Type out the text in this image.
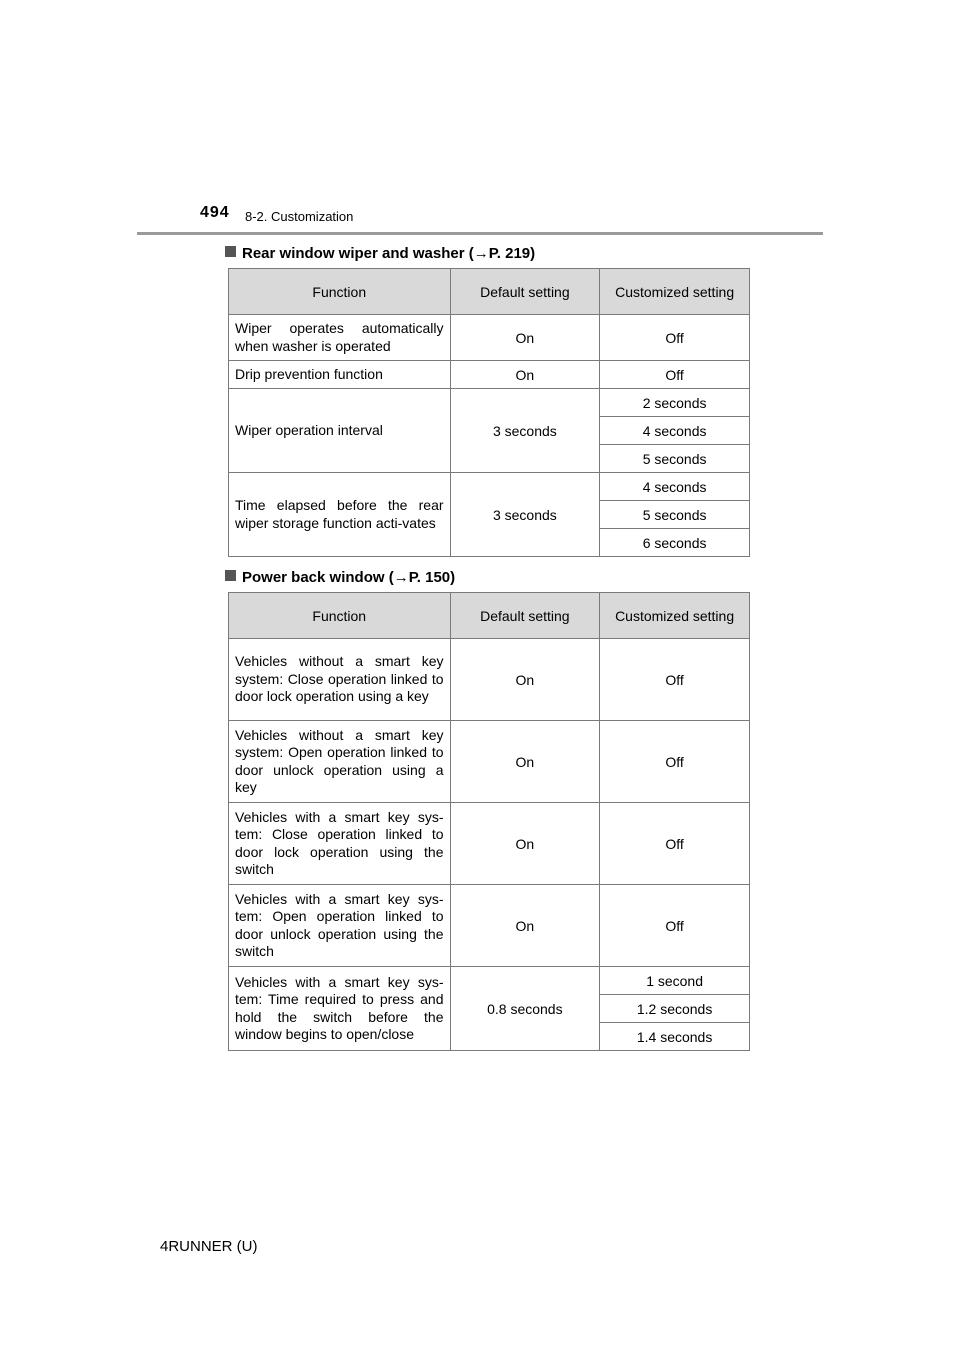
494 8-2. Customization
Rear window wiper and washer (→P. 219)
Function	Default setting	Customized setting
Wiper operates automatically when washer is operated	On	Off
Drip prevention function	On	Off
Wiper operation interval	3 seconds	2 seconds
		4 seconds
		5 seconds
Time elapsed before the rear wiper storage function acti-vates	3 seconds	4 seconds
		5 seconds
		6 seconds
Power back window (→P. 150)
Function	Default setting	Customized setting
Vehicles without a smart key system: Close operation linked to door lock operation using a key	On	Off
Vehicles without a smart key system: Open operation linked to door unlock operation using a key	On	Off
Vehicles with a smart key sys-tem: Close operation linked to door lock operation using the switch	On	Off
Vehicles with a smart key sys-tem: Open operation linked to door unlock operation using the switch	On	Off
Vehicles with a smart key sys-tem: Time required to press and hold the switch before the window begins to open/close	0.8 seconds	1 second
		1.2 seconds
		1.4 seconds
4RUNNER (U)
